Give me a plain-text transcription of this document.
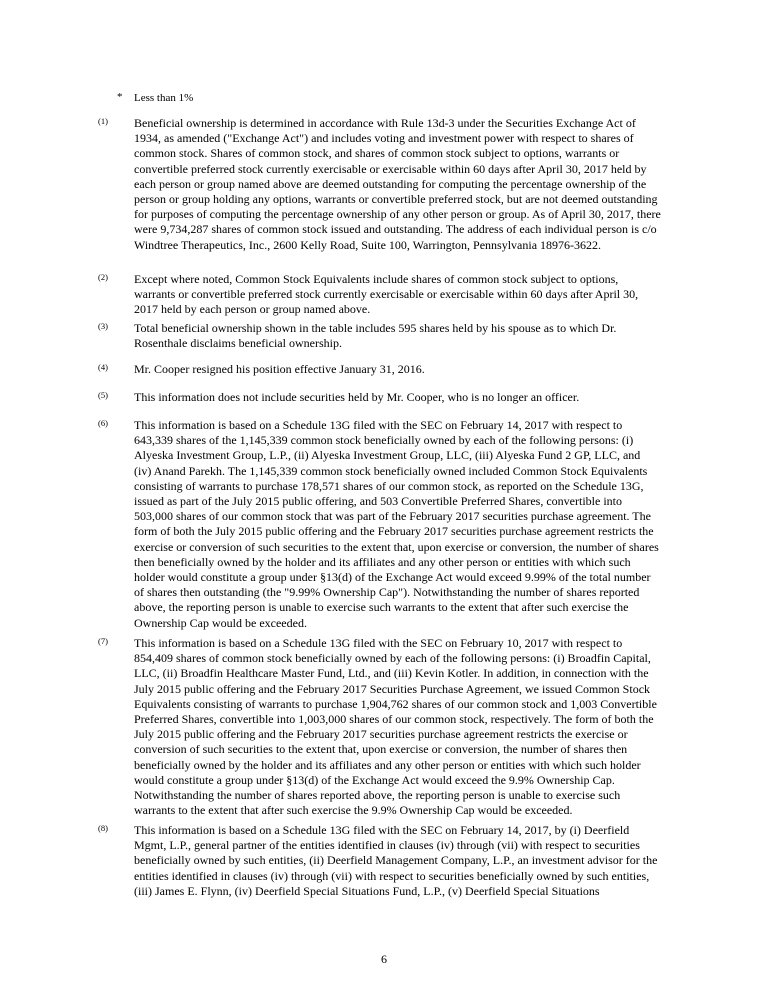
* Less than 1%
(1) Beneficial ownership is determined in accordance with Rule 13d-3 under the Securities Exchange Act of
1934, as amended ("Exchange Act") and includes voting and investment power with respect to shares of
common stock. Shares of common stock, and shares of common stock subject to options, warrants or
convertible preferred stock currently exercisable or exercisable within 60 days after April 30, 2017 held by
each person or group named above are deemed outstanding for computing the percentage ownership of the
person or group holding any options, warrants or convertible preferred stock, but are not deemed outstanding
for purposes of computing the percentage ownership of any other person or group. As of April 30, 2017, there
were 9,734,287 shares of common stock issued and outstanding. The address of each individual person is c/o
Windtree Therapeutics, Inc., 2600 Kelly Road, Suite 100, Warrington, Pennsylvania 18976-3622.
(2) Except where noted, Common Stock Equivalents include shares of common stock subject to options,
warrants or convertible preferred stock currently exercisable or exercisable within 60 days after April 30,
2017 held by each person or group named above.
(3) Total beneficial ownership shown in the table includes 595 shares held by his spouse as to which Dr.
Rosenthale disclaims beneficial ownership.
(4) Mr. Cooper resigned his position effective January 31, 2016.
(5) This information does not include securities held by Mr. Cooper, who is no longer an officer.
(6) This information is based on a Schedule 13G filed with the SEC on February 14, 2017 with respect to
643,339 shares of the 1,145,339 common stock beneficially owned by each of the following persons: (i)
Alyeska Investment Group, L.P., (ii) Alyeska Investment Group, LLC, (iii) Alyeska Fund 2 GP, LLC, and
(iv) Anand Parekh. The 1,145,339 common stock beneficially owned included Common Stock Equivalents
consisting of warrants to purchase 178,571 shares of our common stock, as reported on the Schedule 13G,
issued as part of the July 2015 public offering, and 503 Convertible Preferred Shares, convertible into
503,000 shares of our common stock that was part of the February 2017 securities purchase agreement. The
form of both the July 2015 public offering and the February 2017 securities purchase agreement restricts the
exercise or conversion of such securities to the extent that, upon exercise or conversion, the number of shares
then beneficially owned by the holder and its affiliates and any other person or entities with which such
holder would constitute a group under §13(d) of the Exchange Act would exceed 9.99% of the total number
of shares then outstanding (the "9.99% Ownership Cap"). Notwithstanding the number of shares reported
above, the reporting person is unable to exercise such warrants to the extent that after such exercise the
Ownership Cap would be exceeded.
(7) This information is based on a Schedule 13G filed with the SEC on February 10, 2017 with respect to
854,409 shares of common stock beneficially owned by each of the following persons: (i) Broadfin Capital,
LLC, (ii) Broadfin Healthcare Master Fund, Ltd., and (iii) Kevin Kotler. In addition, in connection with the
July 2015 public offering and the February 2017 Securities Purchase Agreement, we issued Common Stock
Equivalents consisting of warrants to purchase 1,904,762 shares of our common stock and 1,003 Convertible
Preferred Shares, convertible into 1,003,000 shares of our common stock, respectively. The form of both the
July 2015 public offering and the February 2017 securities purchase agreement restricts the exercise or
conversion of such securities to the extent that, upon exercise or conversion, the number of shares then
beneficially owned by the holder and its affiliates and any other person or entities with which such holder
would constitute a group under §13(d) of the Exchange Act would exceed the 9.9% Ownership Cap.
Notwithstanding the number of shares reported above, the reporting person is unable to exercise such
warrants to the extent that after such exercise the 9.9% Ownership Cap would be exceeded.
(8) This information is based on a Schedule 13G filed with the SEC on February 14, 2017, by (i) Deerfield
Mgmt, L.P., general partner of the entities identified in clauses (iv) through (vii) with respect to securities
beneficially owned by such entities, (ii) Deerfield Management Company, L.P., an investment advisor for the
entities identified in clauses (iv) through (vii) with respect to securities beneficially owned by such entities,
(iii) James E. Flynn, (iv) Deerfield Special Situations Fund, L.P., (v) Deerfield Special Situations
6
